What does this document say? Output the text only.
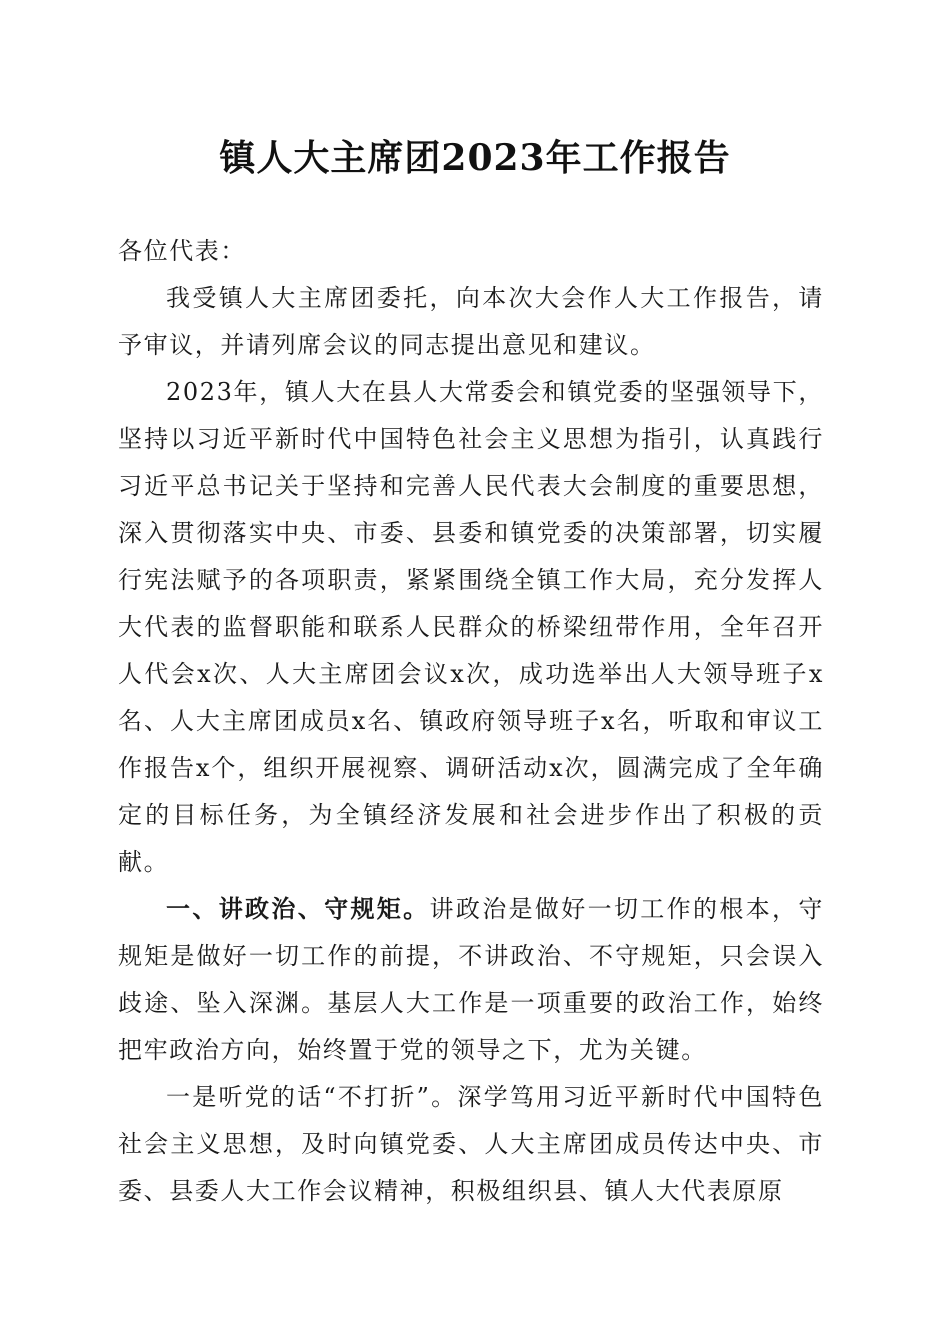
镇人大主席团2023年工作报告

各位代表：

我受镇人大主席团委托，向本次大会作人大工作报告，请予审议，并请列席会议的同志提出意见和建议。

2023年，镇人大在县人大常委会和镇党委的坚强领导下，坚持以习近平新时代中国特色社会主义思想为指引，认真践行习近平总书记关于坚持和完善人民代表大会制度的重要思想，深入贯彻落实中央、市委、县委和镇党委的决策部署，切实履行宪法赋予的各项职责，紧紧围绕全镇工作大局，充分发挥人大代表的监督职能和联系人民群众的桥梁纽带作用，全年召开人代会x次、人大主席团会议x次，成功选举出人大领导班子x名、人大主席团成员x名、镇政府领导班子x名，听取和审议工作报告x个，组织开展视察、调研活动x次，圆满完成了全年确定的目标任务，为全镇经济发展和社会进步作出了积极的贡献。

一、讲政治、守规矩。讲政治是做好一切工作的根本，守规矩是做好一切工作的前提，不讲政治、不守规矩，只会误入歧途、坠入深渊。基层人大工作是一项重要的政治工作，始终把牢政治方向，始终置于党的领导之下，尤为关键。

一是听党的话“不打折”。深学笃用习近平新时代中国特色社会主义思想，及时向镇党委、人大主席团成员传达中央、市委、县委人大工作会议精神，积极组织县、镇人大代表原原
